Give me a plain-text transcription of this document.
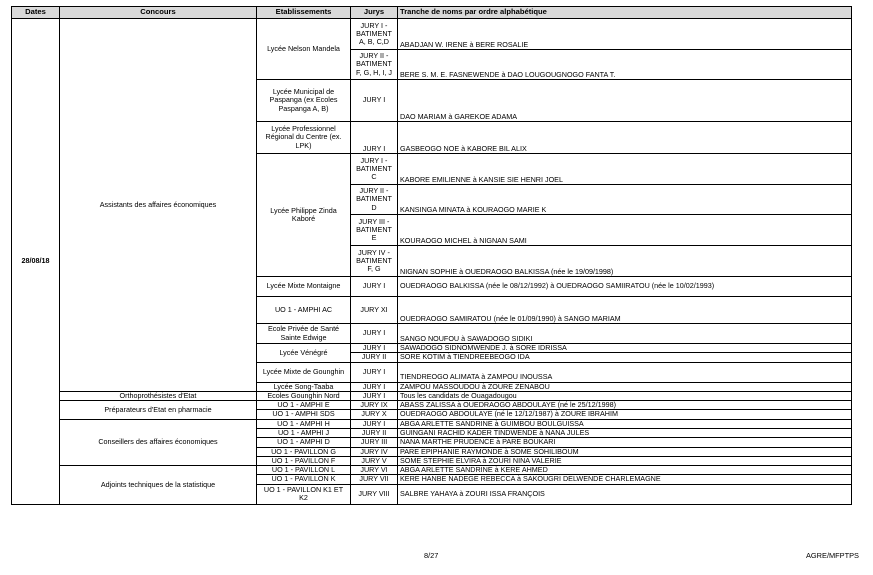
Dates	Concours	Etablissements	Jurys	Tranche de noms par ordre alphabétique
28/08/18	Assistants des affaires économiques	Lycée Nelson Mandela	JURY I - BATIMENT A, B, C,D	ABADJAN W. IRENE à BERE ROSALIE
			JURY II - BATIMENT F, G, H, I, J	BERE S. M. E. FASNEWENDE à DAO LOUGOUGNOGO FANTA T.
		Lycée Municipal de Paspanga (ex Ecoles Paspanga A, B)	JURY I	DAO MARIAM à GAREKOE ADAMA
		Lycée Professionnel Régional du Centre (ex. LPK)	JURY I	GASBEOGO NOE à KABORE BIL ALIX
		Lycée Philippe Zinda Kaboré	JURY I - BATIMENT C	KABORE EMILIENNE à KANSIE SIE HENRI JOEL
			JURY II - BATIMENT D	KANSINGA MINATA à KOURAOGO MARIE K
			JURY III - BATIMENT E	KOURAOGO MICHEL à NIGNAN SAMI
			JURY IV - BATIMENT F, G	NIGNAN SOPHIE à OUEDRAOGO BALKISSA (née le 19/09/1998)
		Lycée Mixte Montaigne	JURY I	OUEDRAOGO BALKISSA (née le 08/12/1992) à OUEDRAOGO SAMIIRATOU (née le 10/02/1993)
		UO 1 - AMPHI AC	JURY XI	OUEDRAOGO SAMIRATOU (née le 01/09/1990) à SANGO MARIAM
		Ecole Privée de Santé Sainte Edwige	JURY I	SANGO NOUFOU à SAWADOGO SIDIKI
		Lycée Vénégré	JURY I	SAWADOGO SIDNOMWENDE J. à SORE IDRISSA
			JURY II	SORE KOTIM à TIENDREEBEOGO IDA
		Lycée Mixte de Gounghin	JURY I	TIENDREOGO ALIMATA à ZAMPOU INOUSSA
		Lycée Song-Taaba	JURY I	ZAMPOU MASSOUDOU à ZOURE ZENABOU
	Orthoprothésistes d'Etat	Ecoles Gounghin Nord	JURY I	Tous les candidats de Ouagadougou
	Préparateurs d'Etat en pharmacie	UO 1 - AMPHI E	JURY IX	ABASS ZALISSA à OUEDRAOGO ABDOULAYE (né le 25/12/1998)
		UO 1 - AMPHI SDS	JURY X	OUEDRAOGO ABDOULAYE (né le 12/12/1987) à ZOURE IBRAHIM
	Conseillers des affaires économiques	UO 1 - AMPHI H	JURY I	ABGA ARLETTE SANDRINE à GUIMBOU BOULGUISSA
		UO 1 - AMPHI J	JURY II	GUINGANI RACHID KADER TINDWENDE à NANA JULES
		UO 1 - AMPHI D	JURY III	NANA MARTHE PRUDENCE à PARE BOUKARI
		UO 1 - PAVILLON G	JURY IV	PARE EPIPHANIE RAYMONDE à SOME SOHILIBOUM
		UO 1 - PAVILLON F	JURY V	SOME STEPHIE ELVIRA à ZOURI NINA VALERIE
	Adjoints techniques de la statistique	UO 1 - PAVILLON L	JURY VI	ABGA ARLETTE SANDRINE à KERE AHMED
		UO 1 - PAVILLON K	JURY VII	KERE HANBE NADEGE REBECCA à SAKOUGRI DELWENDE CHARLEMAGNE
		UO 1 - PAVILLON K1 ET K2	JURY VIII	SALBRE YAHAYA à ZOURI ISSA FRANÇOIS
8/27	AGRE/MFPTPS
